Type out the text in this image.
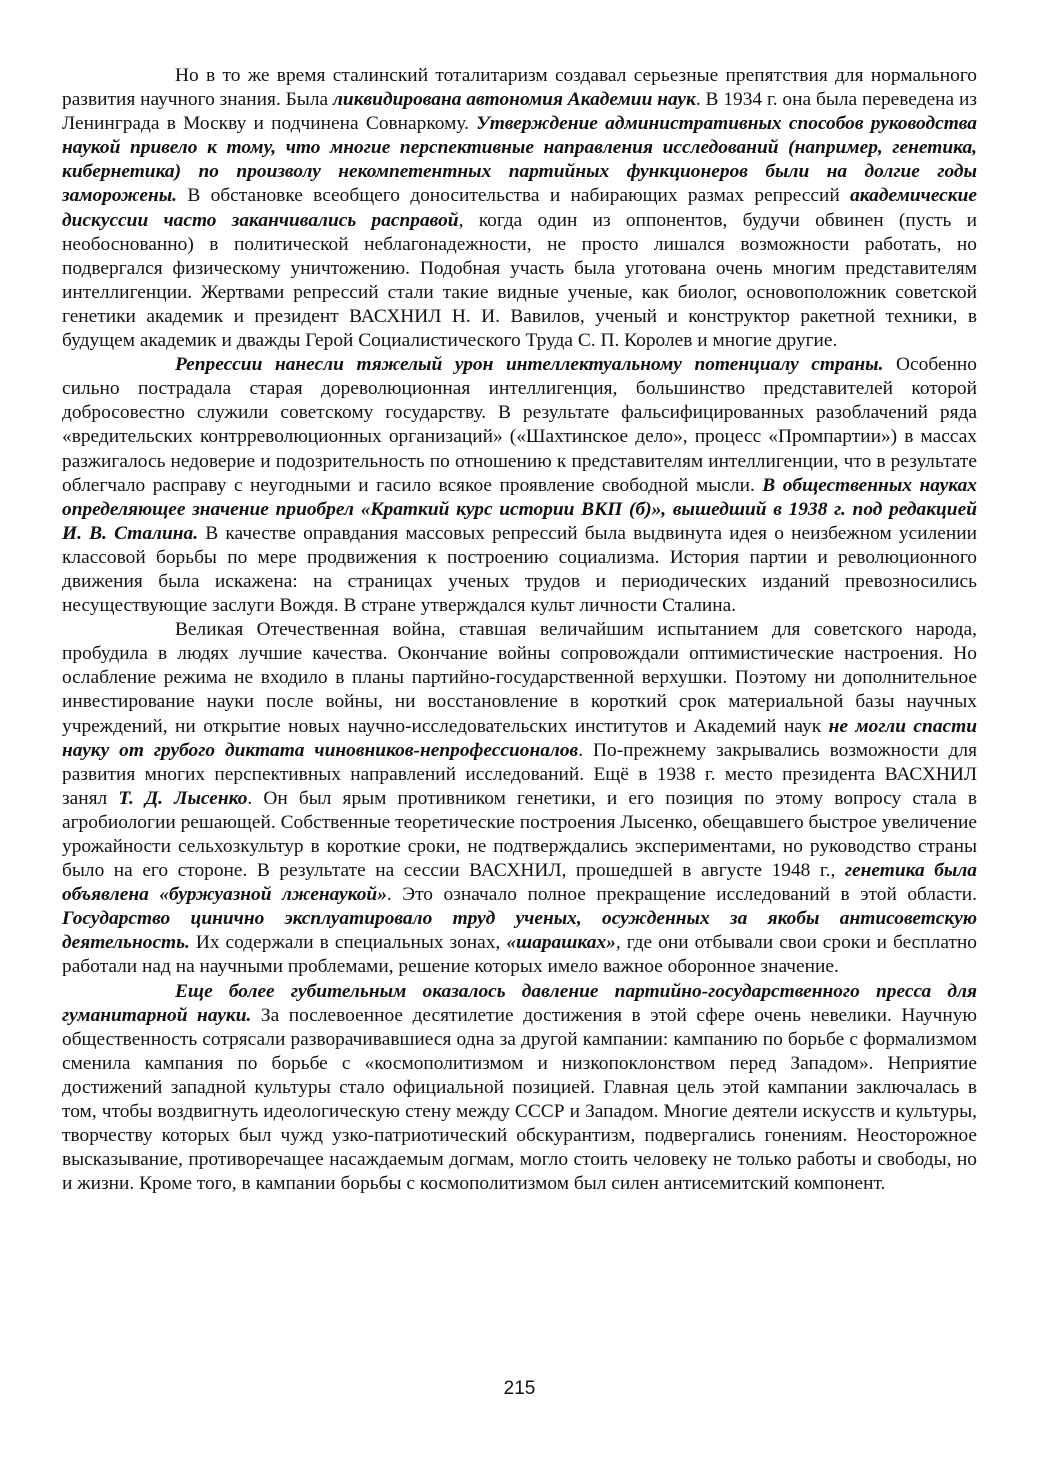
Но в то же время сталинский тоталитаризм создавал серьезные препятствия для нормального развития научного знания. Была ликвидирована автономия Академии наук. В 1934 г. она была переведена из Ленинграда в Москву и подчинена Совнаркому. Утверждение административных способов руководства наукой привело к тому, что многие перспективные направления исследований (например, генетика, кибернетика) по произволу некомпетентных партийных функционеров были на долгие годы заморожены. В обстановке всеобщего доносительства и набирающих размах репрессий академические дискуссии часто заканчивались расправой, когда один из оппонентов, будучи обвинен (пусть и необоснованно) в политической неблагонадежности, не просто лишался возможности работать, но подвергался физическому уничтожению. Подобная участь была уготована очень многим представителям интеллигенции. Жертвами репрессий стали такие видные ученые, как биолог, основоположник советской генетики академик и президент ВАСХНИЛ Н. И. Вавилов, ученый и конструктор ракетной техники, в будущем академик и дважды Герой Социалистического Труда С. П. Королев и многие другие.

Репрессии нанесли тяжелый урон интеллектуальному потенциалу страны. Особенно сильно пострадала старая дореволюционная интеллигенция, большинство представителей которой добросовестно служили советскому государству. В результате фальсифицированных разоблачений ряда «вредительских контрреволюционных организаций» («Шахтинское дело», процесс «Промпартии») в массах разжигалось недоверие и подозрительность по отношению к представителям интеллигенции, что в результате облегчало расправу с неугодными и гасило всякое проявление свободной мысли. В общественных науках определяющее значение приобрел «Краткий курс истории ВКП (б)», вышедший в 1938 г. под редакцией И. В. Сталина. В качестве оправдания массовых репрессий была выдвинута идея о неизбежном усилении классовой борьбы по мере продвижения к построению социализма. История партии и революционного движения была искажена: на страницах ученых трудов и периодических изданий превозносились несуществующие заслуги Вождя. В стране утверждался культ личности Сталина.

Великая Отечественная война, ставшая величайшим испытанием для советского народа, пробудила в людях лучшие качества. Окончание войны сопровождали оптимистические настроения. Но ослабление режима не входило в планы партийно-государственной верхушки. Поэтому ни дополнительное инвестирование науки после войны, ни восстановление в короткий срок материальной базы научных учреждений, ни открытие новых научно-исследовательских институтов и Академий наук не могли спасти науку от грубого диктата чиновников-непрофессионалов. По-прежнему закрывались возможности для развития многих перспективных направлений исследований. Ещё в 1938 г. место президента ВАСХНИЛ занял Т. Д. Лысенко. Он был ярым противником генетики, и его позиция по этому вопросу стала в агробиологии решающей. Собственные теоретические построения Лысенко, обещавшего быстрое увеличение урожайности сельхозкультур в короткие сроки, не подтверждались экспериментами, но руководство страны было на его стороне. В результате на сессии ВАСХНИЛ, прошедшей в августе 1948 г., генетика была объявлена «буржуазной лженаукой». Это означало полное прекращение исследований в этой области. Государство цинично эксплуатировало труд ученых, осужденных за якобы антисоветскую деятельность. Их содержали в специальных зонах, «шарашках», где они отбывали свои сроки и бесплатно работали над на научными проблемами, решение которых имело важное оборонное значение.

Еще более губительным оказалось давление партийно-государственного пресса для гуманитарной науки. За послевоенное десятилетие достижения в этой сфере очень невелики. Научную общественность сотрясали разворачивавшиеся одна за другой кампании: кампанию по борьбе с формализмом сменила кампания по борьбе с «космополитизмом и низкопоклонством перед Западом». Неприятие достижений западной культуры стало официальной позицией. Главная цель этой кампании заключалась в том, чтобы воздвигнуть идеологическую стену между СССР и Западом. Многие деятели искусств и культуры, творчеству которых был чужд узко-патриотический обскурантизм, подвергались гонениям. Неосторожное высказывание, противоречащее насаждаемым догмам, могло стоить человеку не только работы и свободы, но и жизни. Кроме того, в кампании борьбы с космополитизмом был силен антисемитский компонент.

215
